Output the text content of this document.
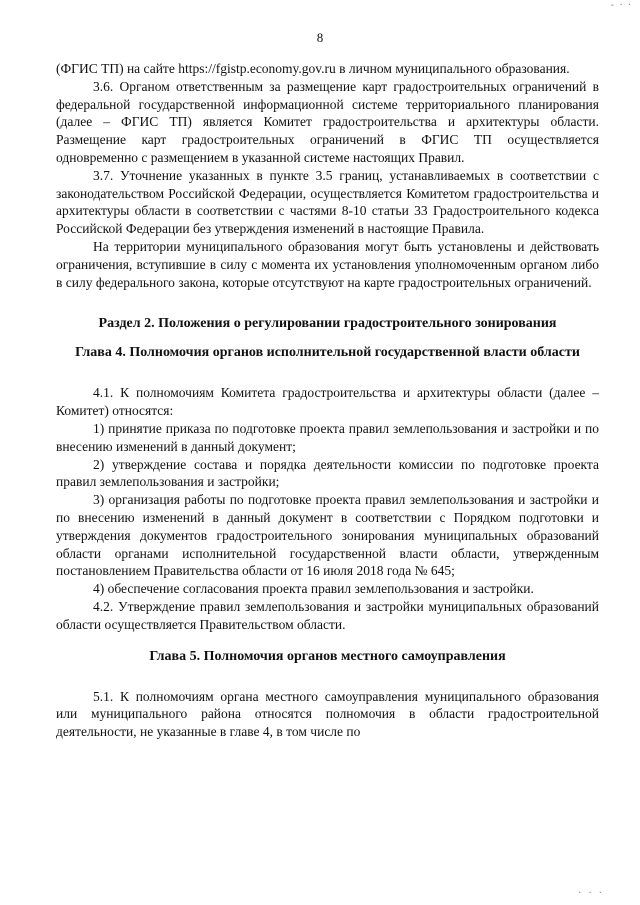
- · ·
8

(ФГИС ТП) на сайте https://fgistp.economy.gov.ru в личном муниципального образования.

3.6. Органом ответственным за размещение карт градостроительных ограничений в федеральной государственной информационной системе территориального планирования (далее – ФГИС ТП) является Комитет градостроительства и архитектуры области. Размещение карт градостроительных ограничений в ФГИС ТП осуществляется одновременно с размещением в указанной системе настоящих Правил.

3.7. Уточнение указанных в пункте 3.5 границ, устанавливаемых в соответствии с законодательством Российской Федерации, осуществляется Комитетом градостроительства и архитектуры области в соответствии с частями 8-10 статьи 33 Градостроительного кодекса Российской Федерации без утверждения изменений в настоящие Правила.

На территории муниципального образования могут быть установлены и действовать ограничения, вступившие в силу с момента их установления уполномоченным органом либо в силу федерального закона, которые отсутствуют на карте градостроительных ограничений.

Раздел 2. Положения о регулировании градостроительного зонирования

Глава 4. Полномочия органов исполнительной государственной власти области

4.1. К полномочиям Комитета градостроительства и архитектуры области (далее – Комитет) относятся:

1) принятие приказа по подготовке проекта правил землепользования и застройки и по внесению изменений в данный документ;

2) утверждение состава и порядка деятельности комиссии по подготовке проекта правил землепользования и застройки;

3) организация работы по подготовке проекта правил землепользования и застройки и по внесению изменений в данный документ в соответствии с Порядком подготовки и утверждения документов градостроительного зонирования муниципальных образований области органами исполнительной государственной власти области, утвержденным постановлением Правительства области от 16 июля 2018 года № 645;

4) обеспечение согласования проекта правил землепользования и застройки.

4.2. Утверждение правил землепользования и застройки муниципальных образований области осуществляется Правительством области.

Глава 5. Полномочия органов местного самоуправления

5.1. К полномочиям органа местного самоуправления муниципального образования или муниципального района относятся полномочия в области градостроительной деятельности, не указанные в главе 4, в том числе по

· · ·
